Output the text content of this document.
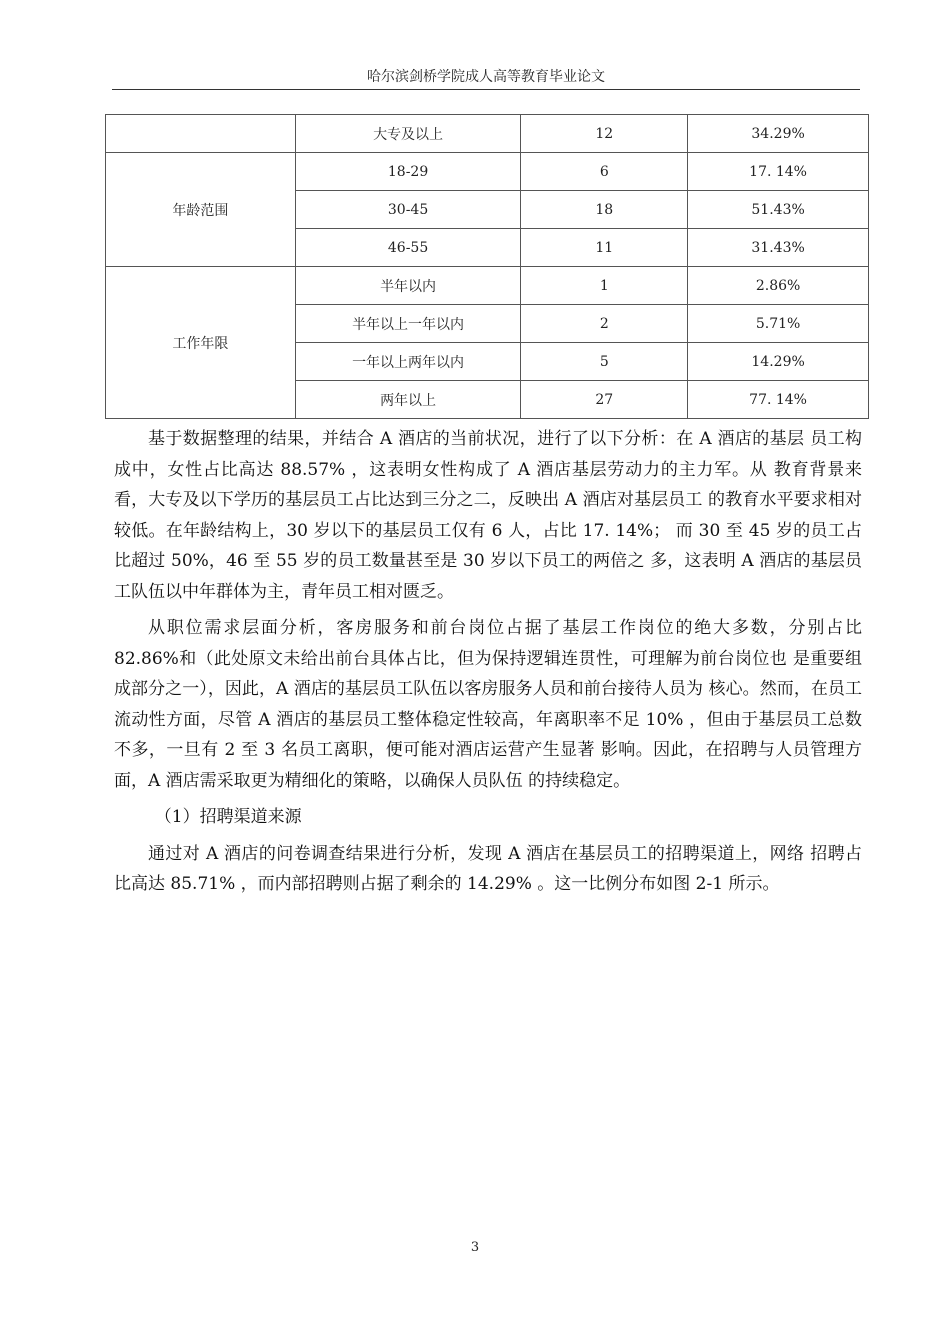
哈尔滨剑桥学院成人高等教育毕业论文
	大专及以上	12	34.29%
年龄范围	18-29	6	17. 14%
	30-45	18	51.43%
	46-55	11	31.43%
工作年限	半年以内	1	2.86%
	半年以上一年以内	2	5.71%
	一年以上两年以内	5	14.29%
	两年以上	27	77. 14%

基于数据整理的结果，并结合 A 酒店的当前状况，进行了以下分析：在 A 酒店的基层 员工构成中，女性占比高达 88.57% ，这表明女性构成了 A 酒店基层劳动力的主力军。从 教育背景来看，大专及以下学历的基层员工占比达到三分之二，反映出 A 酒店对基层员工 的教育水平要求相对较低。在年龄结构上，30 岁以下的基层员工仅有 6 人，占比 17. 14%； 而 30 至 45 岁的员工占比超过 50%，46 至 55 岁的员工数量甚至是 30 岁以下员工的两倍之 多，这表明 A 酒店的基层员工队伍以中年群体为主，青年员工相对匮乏。

从职位需求层面分析，客房服务和前台岗位占据了基层工作岗位的绝大多数，分别占比 82.86%和（此处原文未给出前台具体占比，但为保持逻辑连贯性，可理解为前台岗位也 是重要组成部分之一），因此，A 酒店的基层员工队伍以客房服务人员和前台接待人员为 核心。然而，在员工流动性方面，尽管 A 酒店的基层员工整体稳定性较高，年离职率不足 10% ，但由于基层员工总数不多，一旦有 2 至 3 名员工离职，便可能对酒店运营产生显著 影响。因此，在招聘与人员管理方面，A 酒店需采取更为精细化的策略，以确保人员队伍 的持续稳定。

（1）招聘渠道来源

通过对 A 酒店的问卷调查结果进行分析，发现 A 酒店在基层员工的招聘渠道上，网络 招聘占比高达 85.71% ，而内部招聘则占据了剩余的 14.29% 。这一比例分布如图 2-1 所示。

3
